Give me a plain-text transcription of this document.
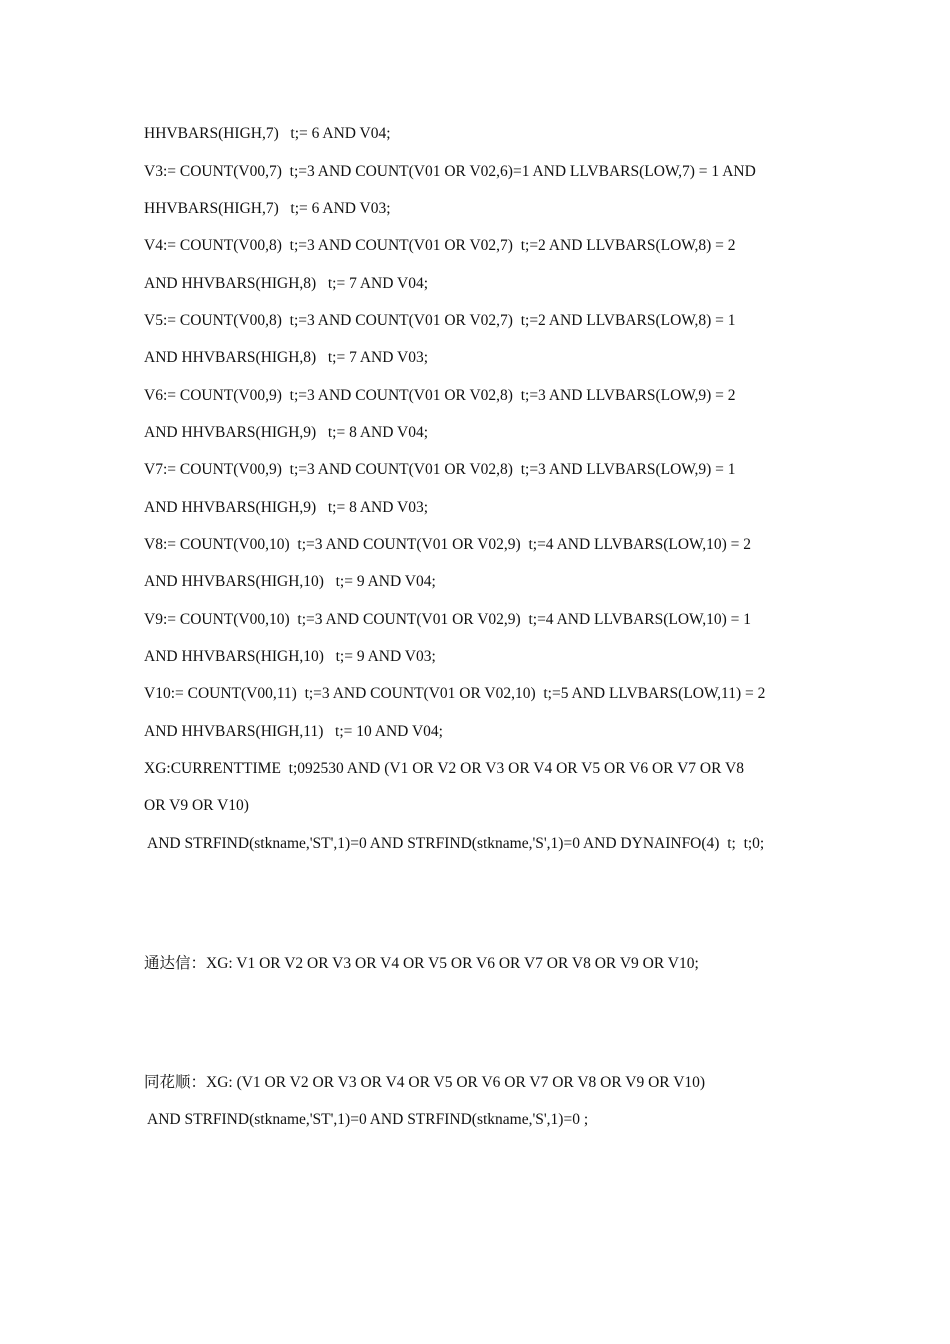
HHVBARS(HIGH,7)   t;= 6 AND V04;
V3:= COUNT(V00,7)  t;=3 AND COUNT(V01 OR V02,6)=1 AND LLVBARS(LOW,7) = 1 AND
HHVBARS(HIGH,7)   t;= 6 AND V03;
V4:= COUNT(V00,8)  t;=3 AND COUNT(V01 OR V02,7)  t;=2 AND LLVBARS(LOW,8) = 2
AND HHVBARS(HIGH,8)   t;= 7 AND V04;
V5:= COUNT(V00,8)  t;=3 AND COUNT(V01 OR V02,7)  t;=2 AND LLVBARS(LOW,8) = 1
AND HHVBARS(HIGH,8)   t;= 7 AND V03;
V6:= COUNT(V00,9)  t;=3 AND COUNT(V01 OR V02,8)  t;=3 AND LLVBARS(LOW,9) = 2
AND HHVBARS(HIGH,9)   t;= 8 AND V04;
V7:= COUNT(V00,9)  t;=3 AND COUNT(V01 OR V02,8)  t;=3 AND LLVBARS(LOW,9) = 1
AND HHVBARS(HIGH,9)   t;= 8 AND V03;
V8:= COUNT(V00,10)  t;=3 AND COUNT(V01 OR V02,9)  t;=4 AND LLVBARS(LOW,10) = 2
AND HHVBARS(HIGH,10)   t;= 9 AND V04;
V9:= COUNT(V00,10)  t;=3 AND COUNT(V01 OR V02,9)  t;=4 AND LLVBARS(LOW,10) = 1
AND HHVBARS(HIGH,10)   t;= 9 AND V03;
V10:= COUNT(V00,11)  t;=3 AND COUNT(V01 OR V02,10)  t;=5 AND LLVBARS(LOW,11) = 2
AND HHVBARS(HIGH,11)   t;= 10 AND V04;
XG:CURRENTTIME  t;092530 AND (V1 OR V2 OR V3 OR V4 OR V5 OR V6 OR V7 OR V8
OR V9 OR V10)
AND STRFIND(stkname,'ST',1)=0 AND STRFIND(stkname,'S',1)=0 AND DYNAINFO(4)  t;  t;0;
通达信：XG: V1 OR V2 OR V3 OR V4 OR V5 OR V6 OR V7 OR V8 OR V9 OR V10;
同花顺：XG: (V1 OR V2 OR V3 OR V4 OR V5 OR V6 OR V7 OR V8 OR V9 OR V10)
AND STRFIND(stkname,'ST',1)=0 AND STRFIND(stkname,'S',1)=0 ;
